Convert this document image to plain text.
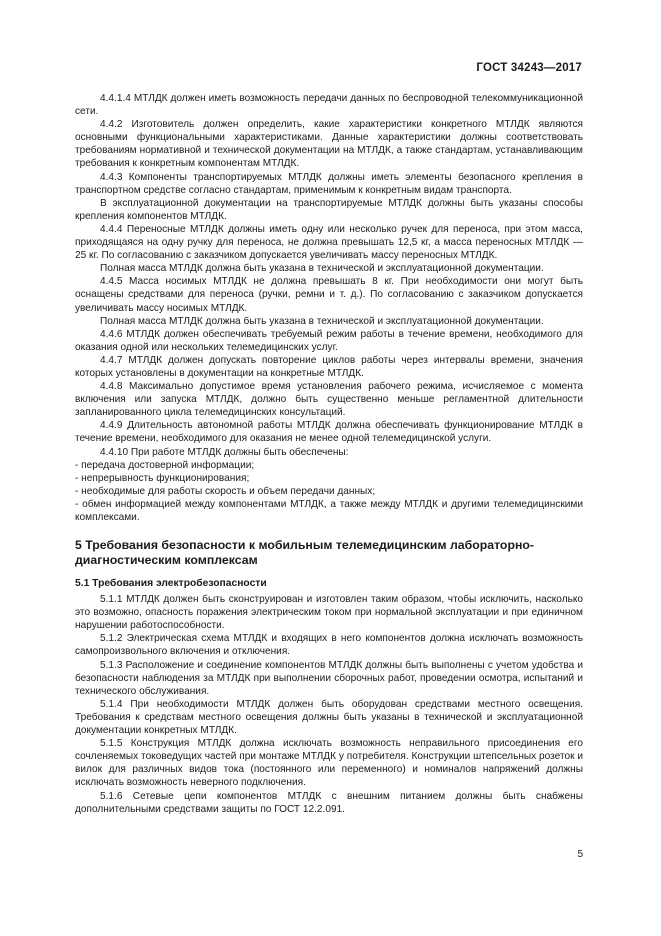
ГОСТ 34243—2017

4.4.1.4 МТЛДК должен иметь возможность передачи данных по беспроводной телекоммуникационной сети.

4.4.2 Изготовитель должен определить, какие характеристики конкретного МТЛДК являются основными функциональными характеристиками. Данные характеристики должны соответствовать требованиям нормативной и технической документации на МТЛДК, а также стандартам, устанавливающим требования к конкретным компонентам МТЛДК.

4.4.3 Компоненты транспортируемых МТЛДК должны иметь элементы безопасного крепления в транспортном средстве согласно стандартам, применимым к конкретным видам транспорта.

В эксплуатационной документации на транспортируемые МТЛДК должны быть указаны способы крепления компонентов МТЛДК.

4.4.4 Переносные МТЛДК должны иметь одну или несколько ручек для переноса, при этом масса, приходящаяся на одну ручку для переноса, не должна превышать 12,5 кг, а масса переносных МТЛДК — 25 кг. По согласованию с заказчиком допускается увеличивать массу переносных МТЛДК.

Полная масса МТЛДК должна быть указана в технической и эксплуатационной документации.

4.4.5 Масса носимых МТЛДК не должна превышать 8 кг. При необходимости они могут быть оснащены средствами для переноса (ручки, ремни и т. д.). По согласованию с заказчиком допускается увеличивать массу носимых МТЛДК.

Полная масса МТЛДК должна быть указана в технической и эксплуатационной документации.

4.4.6 МТЛДК должен обеспечивать требуемый режим работы в течение времени, необходимого для оказания одной или нескольких телемедицинских услуг.

4.4.7 МТЛДК должен допускать повторение циклов работы через интервалы времени, значения которых установлены в документации на конкретные МТЛДК.

4.4.8 Максимально допустимое время установления рабочего режима, исчисляемое с момента включения или запуска МТЛДК, должно быть существенно меньше регламентной длительности запланированного цикла телемедицинских консультаций.

4.4.9 Длительность автономной работы МТЛДК должна обеспечивать функционирование МТЛДК в течение времени, необходимого для оказания не менее одной телемедицинской услуги.

4.4.10 При работе МТЛДК должны быть обеспечены:

- передача достоверной информации;

- непрерывность функционирования;

- необходимые для работы скорость и объем передачи данных;

- обмен информацией между компонентами МТЛДК, а также между МТЛДК и другими телемедицинскими комплексами.

5 Требования безопасности к мобильным телемедицинским лабораторно-диагностическим комплексам
5.1 Требования электробезопасности

5.1.1 МТЛДК должен быть сконструирован и изготовлен таким образом, чтобы исключить, насколько это возможно, опасность поражения электрическим током при нормальной эксплуатации и при единичном нарушении работоспособности.

5.1.2 Электрическая схема МТЛДК и входящих в него компонентов должна исключать возможность самопроизвольного включения и отключения.

5.1.3 Расположение и соединение компонентов МТЛДК должны быть выполнены с учетом удобства и безопасности наблюдения за МТЛДК при выполнении сборочных работ, проведении осмотра, испытаний и технического обслуживания.

5.1.4 При необходимости МТЛДК должен быть оборудован средствами местного освещения. Требования к средствам местного освещения должны быть указаны в технической и эксплуатационной документации конкретных МТЛДК.

5.1.5 Конструкция МТЛДК должна исключать возможность неправильного присоединения его сочленяемых токоведущих частей при монтаже МТЛДК у потребителя. Конструкции штепсельных розеток и вилок для различных видов тока (постоянного или переменного) и номиналов напряжений должны исключать возможность неверного подключения.

5.1.6 Сетевые цепи компонентов МТЛДК с внешним питанием должны быть снабжены дополнительными средствами защиты по ГОСТ 12.2.091.

5
